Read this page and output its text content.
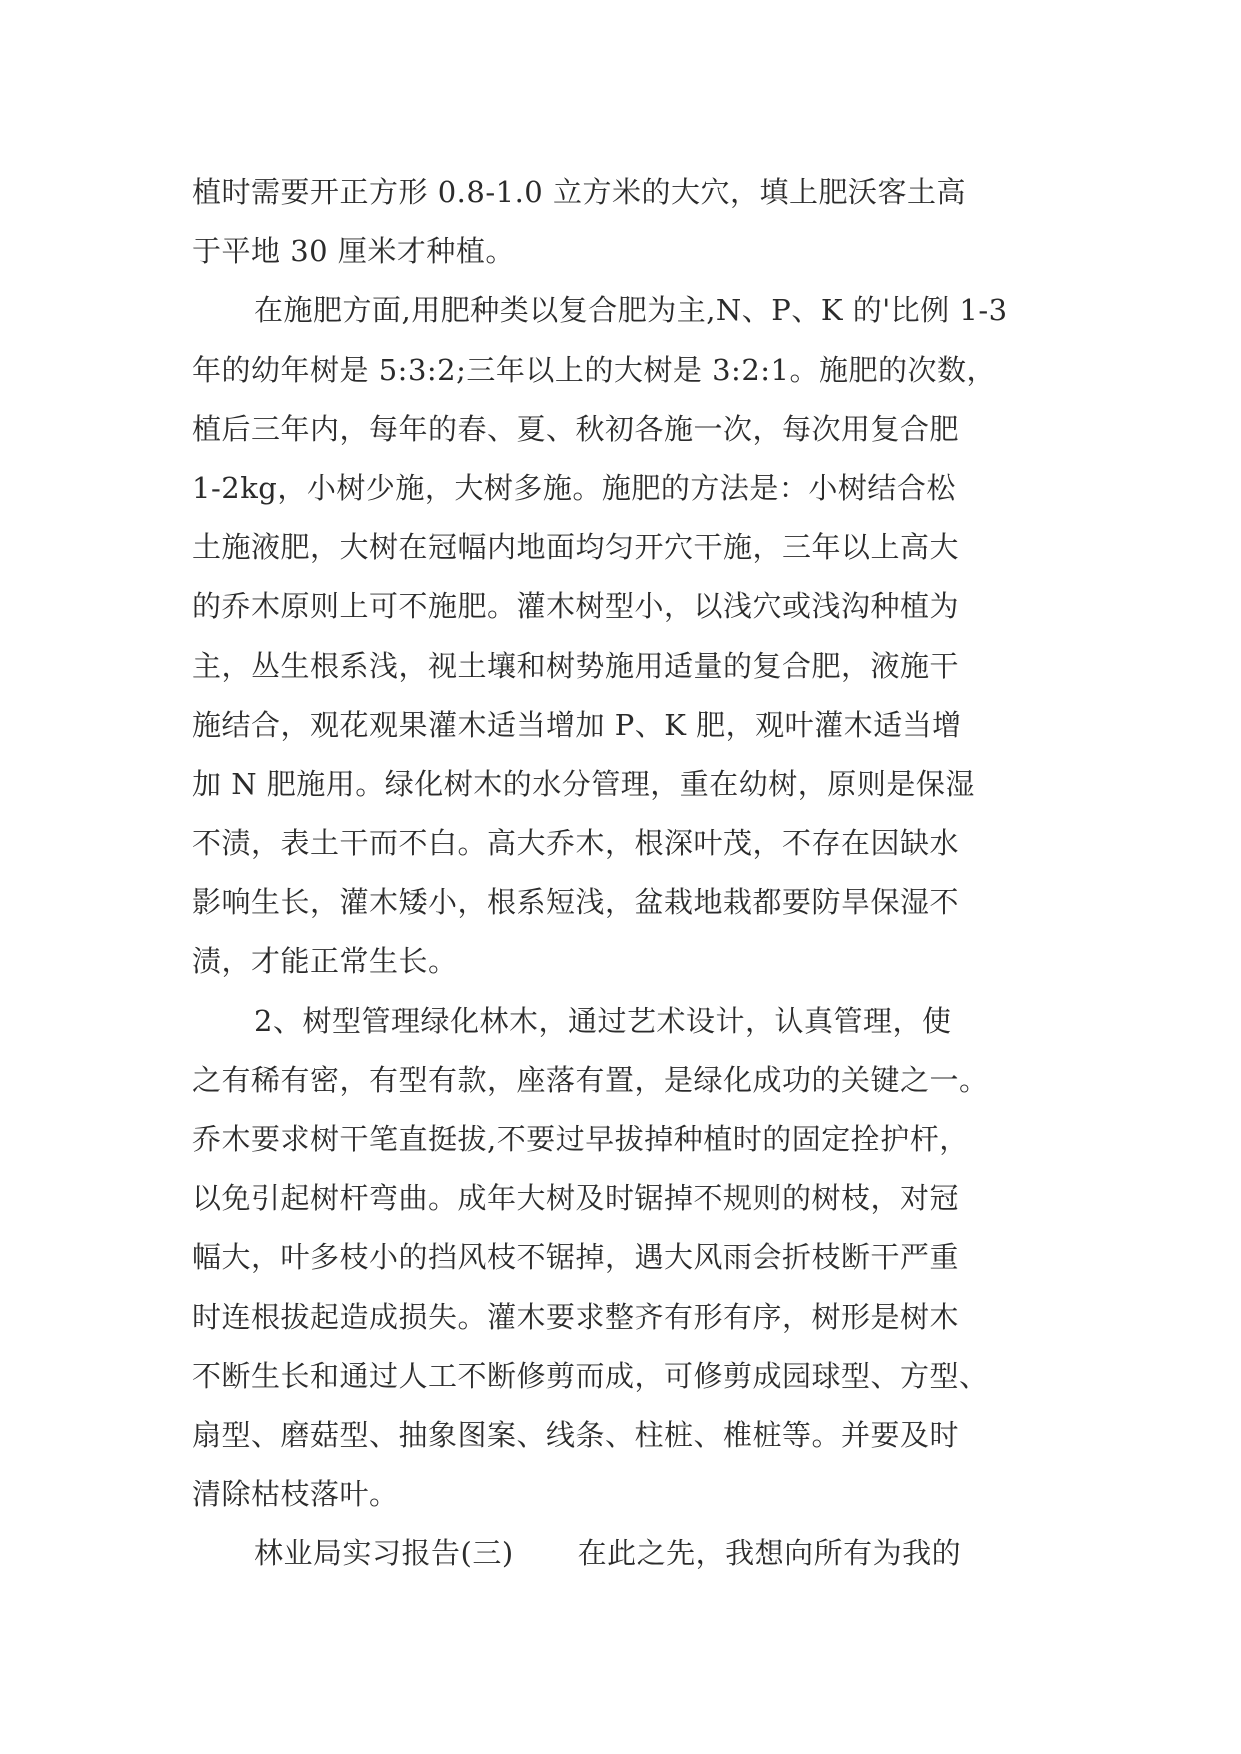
植时需要开正方形 0.8-1.0 立方米的大穴，填上肥沃客土高
于平地 30 厘米才种植。
在施肥方面,用肥种类以复合肥为主,N、P、K 的'比例 1-3
年的幼年树是 5:3:2;三年以上的大树是 3:2:1。施肥的次数，
植后三年内，每年的春、夏、秋初各施一次，每次用复合肥
1-2kg，小树少施，大树多施。施肥的方法是：小树结合松
土施液肥，大树在冠幅内地面均匀开穴干施，三年以上高大
的乔木原则上可不施肥。灌木树型小，以浅穴或浅沟种植为
主，丛生根系浅，视土壤和树势施用适量的复合肥，液施干
施结合，观花观果灌木适当增加 P、K 肥，观叶灌木适当增
加 N 肥施用。绿化树木的水分管理，重在幼树，原则是保湿
不渍，表土干而不白。高大乔木，根深叶茂，不存在因缺水
影响生长，灌木矮小，根系短浅，盆栽地栽都要防旱保湿不
渍，才能正常生长。
2、树型管理绿化林木，通过艺术设计，认真管理，使
之有稀有密，有型有款，座落有置，是绿化成功的关键之一。
乔木要求树干笔直挺拔,不要过早拔掉种植时的固定拴护杆，
以免引起树杆弯曲。成年大树及时锯掉不规则的树枝，对冠
幅大，叶多枝小的挡风枝不锯掉，遇大风雨会折枝断干严重
时连根拔起造成损失。灌木要求整齐有形有序，树形是树木
不断生长和通过人工不断修剪而成，可修剪成园球型、方型、
扇型、磨菇型、抽象图案、线条、柱桩、椎桩等。并要及时
清除枯枝落叶。
林业局实习报告(三) 在此之先，我想向所有为我的
